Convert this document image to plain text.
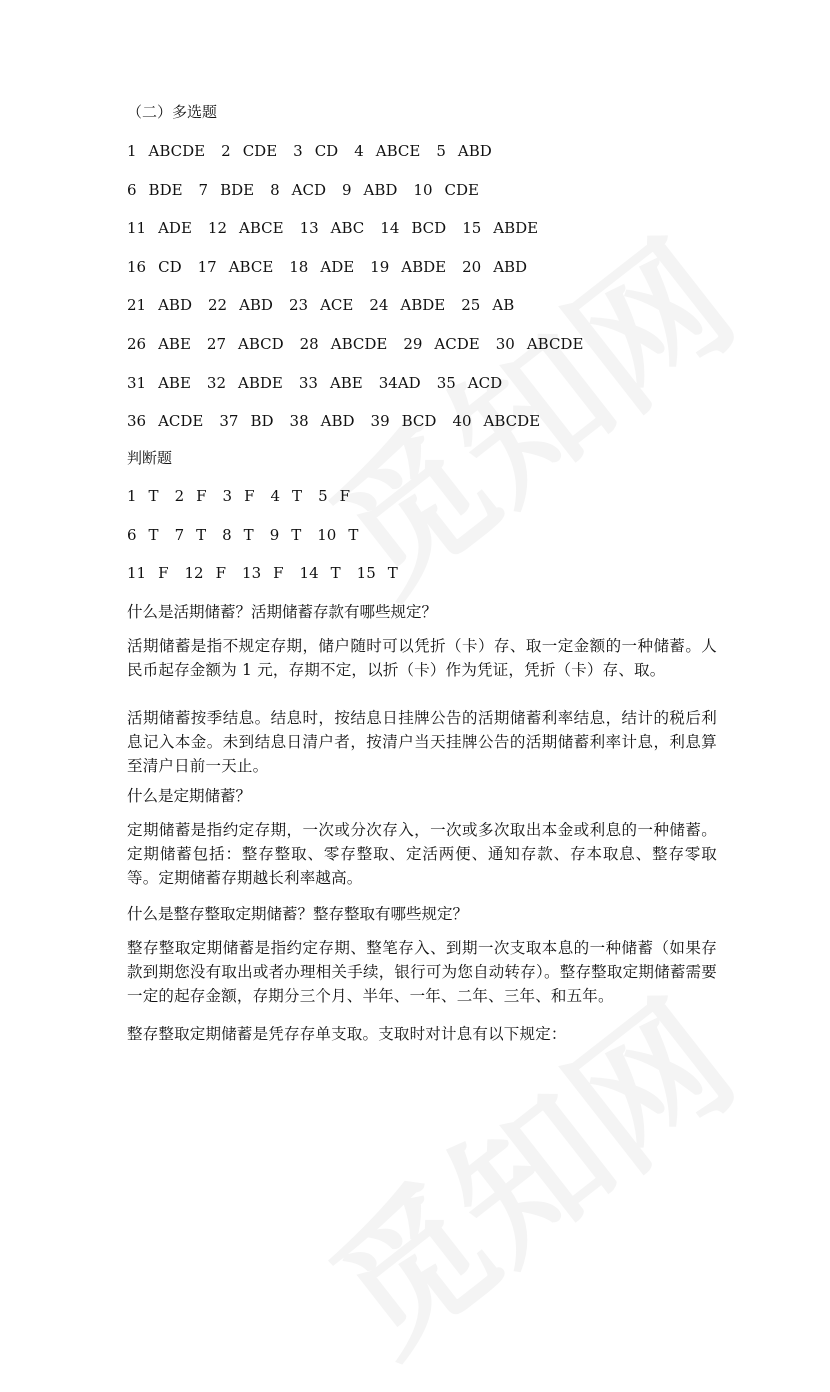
（二）多选题
1 ABCDE 2 CDE 3 CD 4 ABCE 5 ABD
6 BDE 7 BDE 8 ACD 9 ABD 10 CDE
11 ADE 12 ABCE 13 ABC 14 BCD 15 ABDE
16 CD 17 ABCE 18 ADE 19 ABDE 20 ABD
21 ABD 22 ABD 23 ACE 24 ABDE 25 AB
26 ABE 27 ABCD 28 ABCDE 29 ACDE 30 ABCDE
31 ABE 32 ABDE 33 ABE 34AD 35 ACD
36 ACDE 37 BD 38 ABD 39 BCD 40 ABCDE
判断题
1 T 2 F 3 F 4 T 5 F
6 T 7 T 8 T 9 T 10 T
11 F 12 F 13 F 14 T 15 T
什么是活期储蓄？活期储蓄存款有哪些规定？
活期储蓄是指不规定存期，储户随时可以凭折（卡）存、取一定金额的一种储蓄。人民币起存金额为 1 元，存期不定，以折（卡）作为凭证，凭折（卡）存、取。
活期储蓄按季结息。结息时，按结息日挂牌公告的活期储蓄利率结息，结计的税后利息记入本金。未到结息日清户者，按清户当天挂牌公告的活期储蓄利率计息，利息算至清户日前一天止。
什么是定期储蓄？
定期储蓄是指约定存期，一次或分次存入，一次或多次取出本金或利息的一种储蓄。定期储蓄包括：整存整取、零存整取、定活两便、通知存款、存本取息、整存零取等。定期储蓄存期越长利率越高。
什么是整存整取定期储蓄？整存整取有哪些规定？
整存整取定期储蓄是指约定存期、整笔存入、到期一次支取本息的一种储蓄（如果存款到期您没有取出或者办理相关手续，银行可为您自动转存）。整存整取定期储蓄需要一定的起存金额，存期分三个月、半年、一年、二年、三年、和五年。
整存整取定期储蓄是凭存存单支取。支取时对计息有以下规定：
